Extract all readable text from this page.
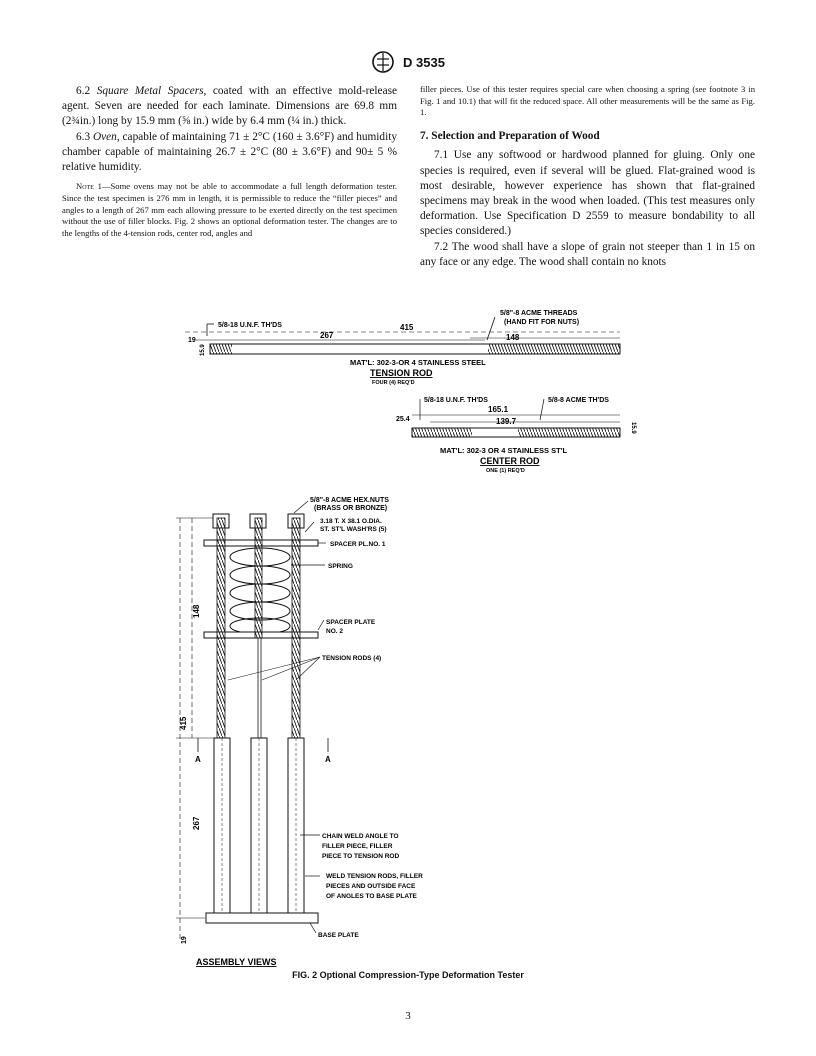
D 3535

6.2 Square Metal Spacers, coated with an effective mold-release agent. Seven are needed for each laminate. Dimensions are 69.8 mm (2¾in.) long by 15.9 mm (⅝ in.) wide by 6.4 mm (¼ in.) thick.

6.3 Oven, capable of maintaining 71 ± 2°C (160 ± 3.6°F) and humidity chamber capable of maintaining 26.7 ± 2°C (80 ± 3.6°F) and 90± 5 % relative humidity.

Note 1—Some ovens may not be able to accommodate a full length deformation tester. Since the test specimen is 276 mm in length, it is permissible to reduce the “filler pieces” and angles to a length of 267 mm each allowing pressure to be exerted directly on the test specimen without the use of filler blocks. Fig. 2 shows an optional deformation tester. The changes are to the lengths of the 4-tension rods, center rod, angles and

filler pieces. Use of this tester requires special care when choosing a spring (see footnote 3 in Fig. 1 and 10.1) that will fit the reduced space. All other measurements will be the same as Fig. 1.

7. Selection and Preparation of Wood

7.1 Use any softwood or hardwood planned for gluing. Only one species is required, even if several will be glued. Flat-grained wood is most desirable, however experience has shown that flat-grained specimens may break in the wood when loaded. (This test measures only deformation. Use Specification D 2559 to measure bondability to all species considered.)

7.2 The wood shall have a slope of grain not steeper than 1 in 15 on any face or any edge. The wood shall contain no knots

5/8-18 U.N.F. TH'DS
5/8"-8 ACME THREADS
(HAND FIT FOR NUTS)
19
267
415
148
15.9
MAT'L: 302-3-OR 4 STAINLESS STEEL
TENSION ROD
FOUR (4) REQ'D
5/8-18 U.N.F. TH'DS	5/8-8 ACME TH'DS
165.1
25.4	139.7
15.9
MAT'L: 302-3 OR 4 STAINLESS ST'L
CENTER ROD
ONE (1) REQ'D
148
415
267
19
A	A
5/8"-8 ACME HEX.NUTS
(BRASS OR BRONZE)
3.18 T. X 38.1 O.DIA.
ST. ST'L WASH'RS (5)
SPACER PL.NO. 1
SPRING
SPACER PLATE
NO. 2
TENSION RODS (4)
CHAIN WELD ANGLE TO
FILLER PIECE, FILLER
PIECE TO TENSION ROD
WELD TENSION RODS, FILLER
PIECES AND OUTSIDE FACE
OF ANGLES TO BASE PLATE
BASE PLATE
ASSEMBLY VIEWS
FIG. 2 Optional Compression-Type Deformation Tester
3
